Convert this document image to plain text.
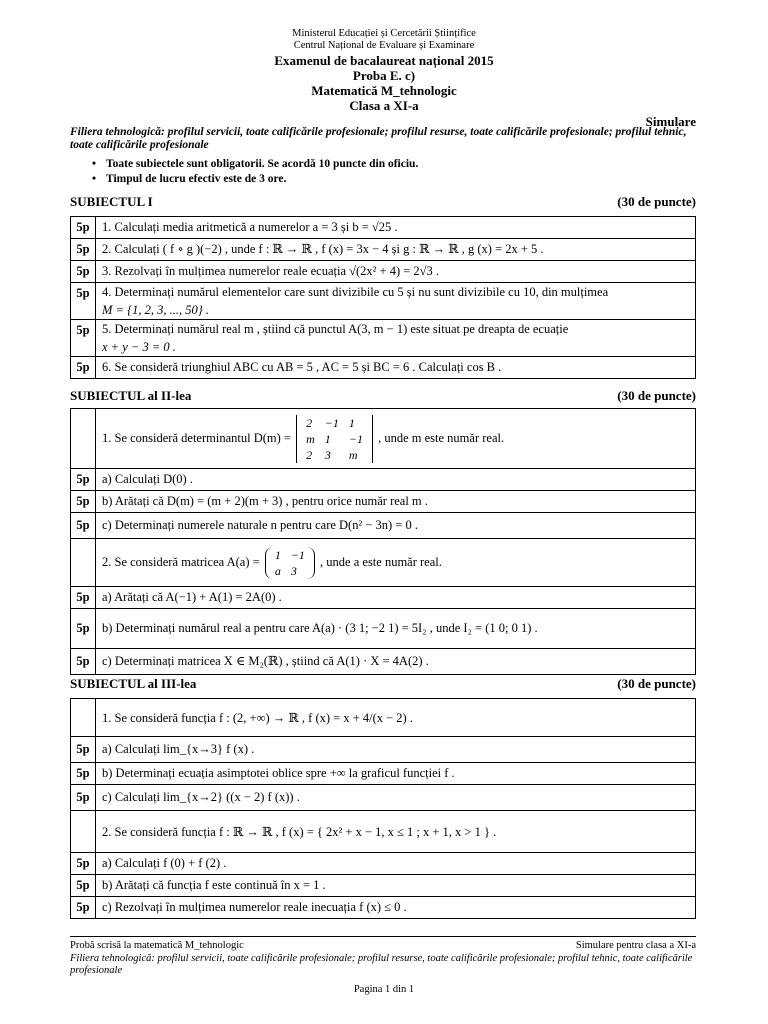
Ministerul Educației și Cercetării Științifice
Centrul Național de Evaluare și Examinare
Examenul de bacalaureat național 2015
Proba E. c)
Matematică M_tehnologic
Clasa a XI-a
Simulare
Filiera tehnologică: profilul servicii, toate calificările profesionale; profilul resurse, toate calificările profesionale; profilul tehnic, toate calificările profesionale
• Toate subiectele sunt obligatorii. Se acordă 10 puncte din oficiu.
• Timpul de lucru efectiv este de 3 ore.
SUBIECTUL I	(30 de puncte)
5p	1. Calculați media aritmetică a numerelor a = 3 și b = √25 .
5p	2. Calculați ( f ∘ g )(−2) , unde f : ℝ → ℝ , f (x) = 3x − 4 și g : ℝ → ℝ , g (x) = 2x + 5 .
5p	3. Rezolvați în mulțimea numerelor reale ecuația √(2x² + 4) = 2√3 .
5p	4. Determinați numărul elementelor care sunt divizibile cu 5 și nu sunt divizibile cu 10, din mulțimea
M = {1, 2, 3, ..., 50} .

5p	5. Determinați numărul real m , știind că punctul A(3, m − 1) este situat pe dreapta de ecuație
x + y − 3 = 0 .

5p	6. Se consideră triunghiul ABC cu AB = 5 , AC = 5 și BC = 6 . Calculați cos B .
SUBIECTUL al II-lea	(30 de puncte)
	1. Se consideră determinantul D(m) =
2	−1	1
m	1	−1
2	3	m
, unde m este număr real.
5p	a) Calculați D(0) .
5p	b) Arătați că D(m) = (m + 2)(m + 3) , pentru orice număr real m .
5p	c) Determinați numerele naturale n pentru care D(n² − 3n) = 0 .
	2. Se consideră matricea A(a) = 1	−1
a	3
, unde a este număr real.
5p	a) Arătați că A(−1) + A(1) = 2A(0) .
5p	b) Determinați numărul real a pentru care A(a) · (3 1; −2 1) = 5I₂ , unde I₂ = (1 0; 0 1) .
5p	c) Determinați matricea X ∈ M₂(ℝ) , știind că A(1) · X = 4A(2) .
SUBIECTUL al III-lea	(30 de puncte)
	1. Se consideră funcția f : (2, +∞) → ℝ , f (x) = x + 4/(x − 2) .
5p	a) Calculați lim_{x→3} f (x) .
5p	b) Determinați ecuația asimptotei oblice spre +∞ la graficul funcției f .
5p	c) Calculați lim_{x→2} ((x − 2) f (x)) .
	2. Se consideră funcția f : ℝ → ℝ , f (x) = { 2x² + x − 1, x ≤ 1 ; x + 1, x > 1 } .
5p	a) Calculați f (0) + f (2) .
5p	b) Arătați că funcția f este continuă în x = 1 .
5p	c) Rezolvați în mulțimea numerelor reale inecuația f (x) ≤ 0 .
Probă scrisă la matematică M_tehnologic	Simulare pentru clasa a XI-a
Filiera tehnologică: profilul servicii, toate calificările profesionale; profilul resurse, toate calificările profesionale; profilul tehnic, toate calificările profesionale
Pagina 1 din 1
